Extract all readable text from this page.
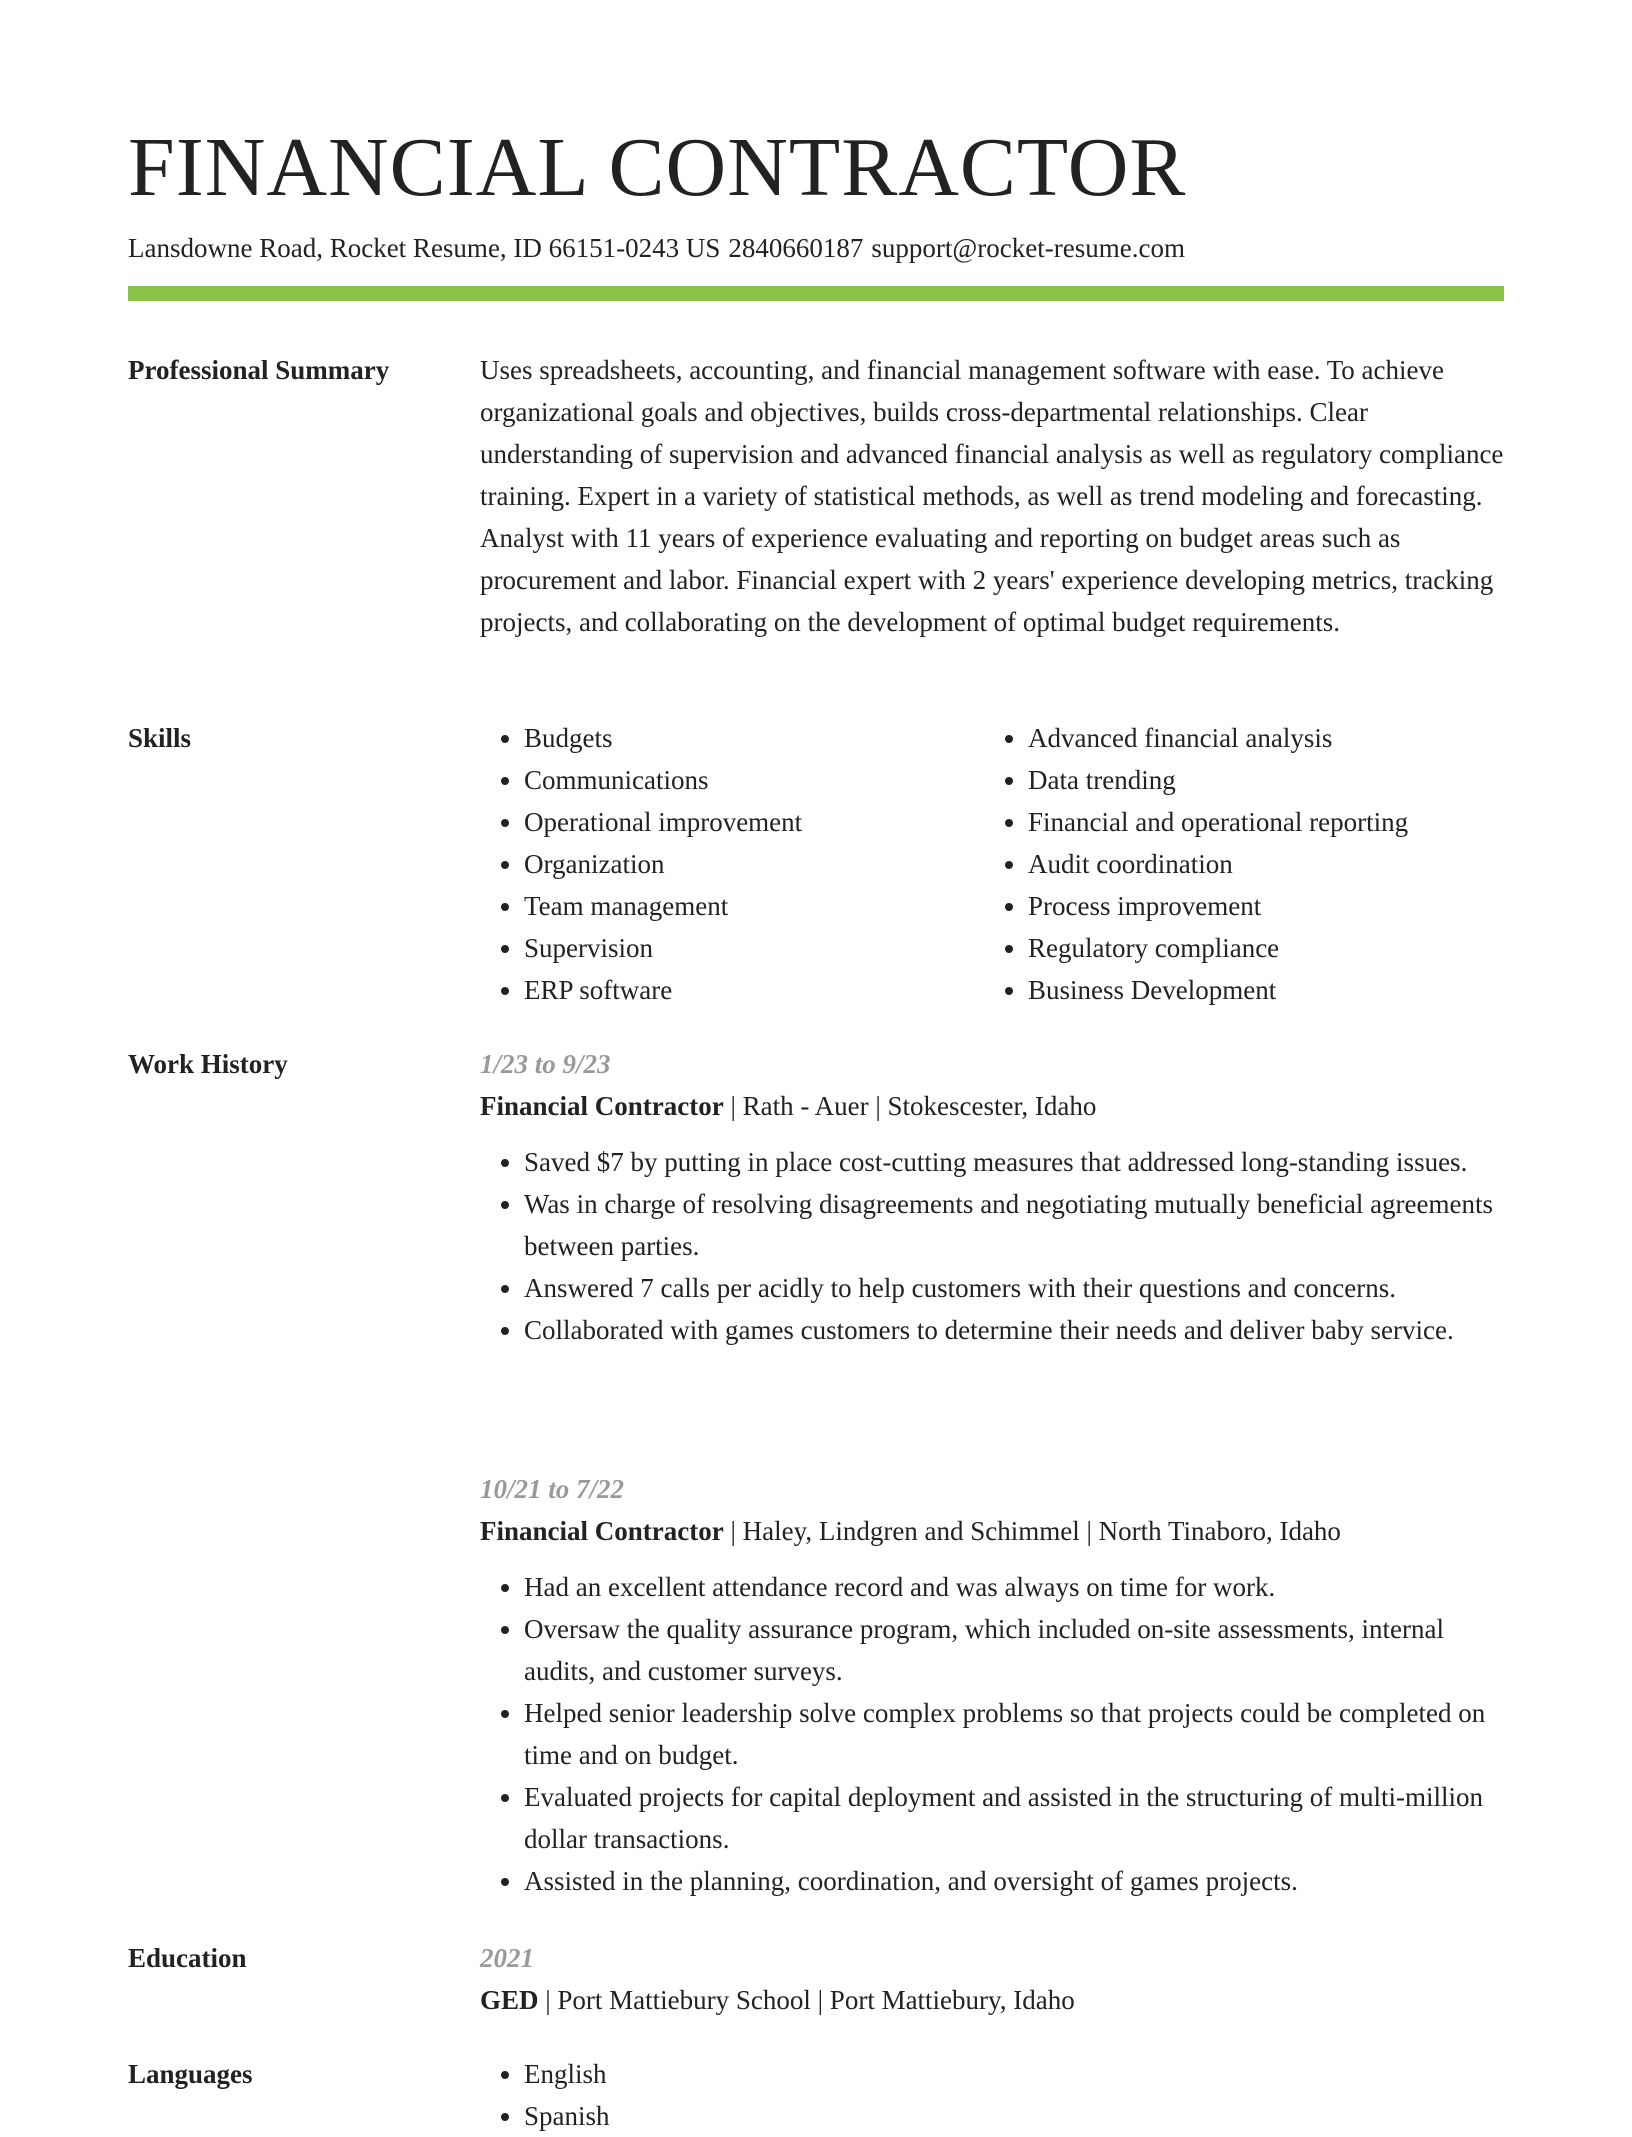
FINANCIAL CONTRACTOR
Lansdowne Road, Rocket Resume, ID 66151-0243 US 2840660187 support@rocket-resume.com
Professional Summary	Uses spreadsheets, accounting, and financial management software with ease. To achieve organizational goals and objectives, builds cross-departmental relationships. Clear understanding of supervision and advanced financial analysis as well as regulatory compliance training. Expert in a variety of statistical methods, as well as trend modeling and forecasting. Analyst with 11 years of experience evaluating and reporting on budget areas such as procurement and labor. Financial expert with 2 years' experience developing metrics, tracking projects, and collaborating on the development of optimal budget requirements.

Skills	• Budgets
• Communications
• Operational improvement
• Organization
• Team management
• Supervision
• ERP software
• Advanced financial analysis
• Data trending
• Financial and operational reporting
• Audit coordination
• Process improvement
• Regulatory compliance
• Business Development
Work History	1/23 to 9/23
Financial Contractor | Rath - Auer | Stokescester, Idaho
• Saved $7 by putting in place cost-cutting measures that addressed long-standing issues.
• Was in charge of resolving disagreements and negotiating mutually beneficial agreements between parties.
• Answered 7 calls per acidly to help customers with their questions and concerns.
• Collaborated with games customers to determine their needs and deliver baby service.
10/21 to 7/22
Financial Contractor | Haley, Lindgren and Schimmel | North Tinaboro, Idaho
• Had an excellent attendance record and was always on time for work.
• Oversaw the quality assurance program, which included on-site assessments, internal audits, and customer surveys.
• Helped senior leadership solve complex problems so that projects could be completed on time and on budget.
• Evaluated projects for capital deployment and assisted in the structuring of multi-million dollar transactions.
• Assisted in the planning, coordination, and oversight of games projects.
Education	2021
GED | Port Mattiebury School | Port Mattiebury, Idaho
Languages	• English
• Spanish
